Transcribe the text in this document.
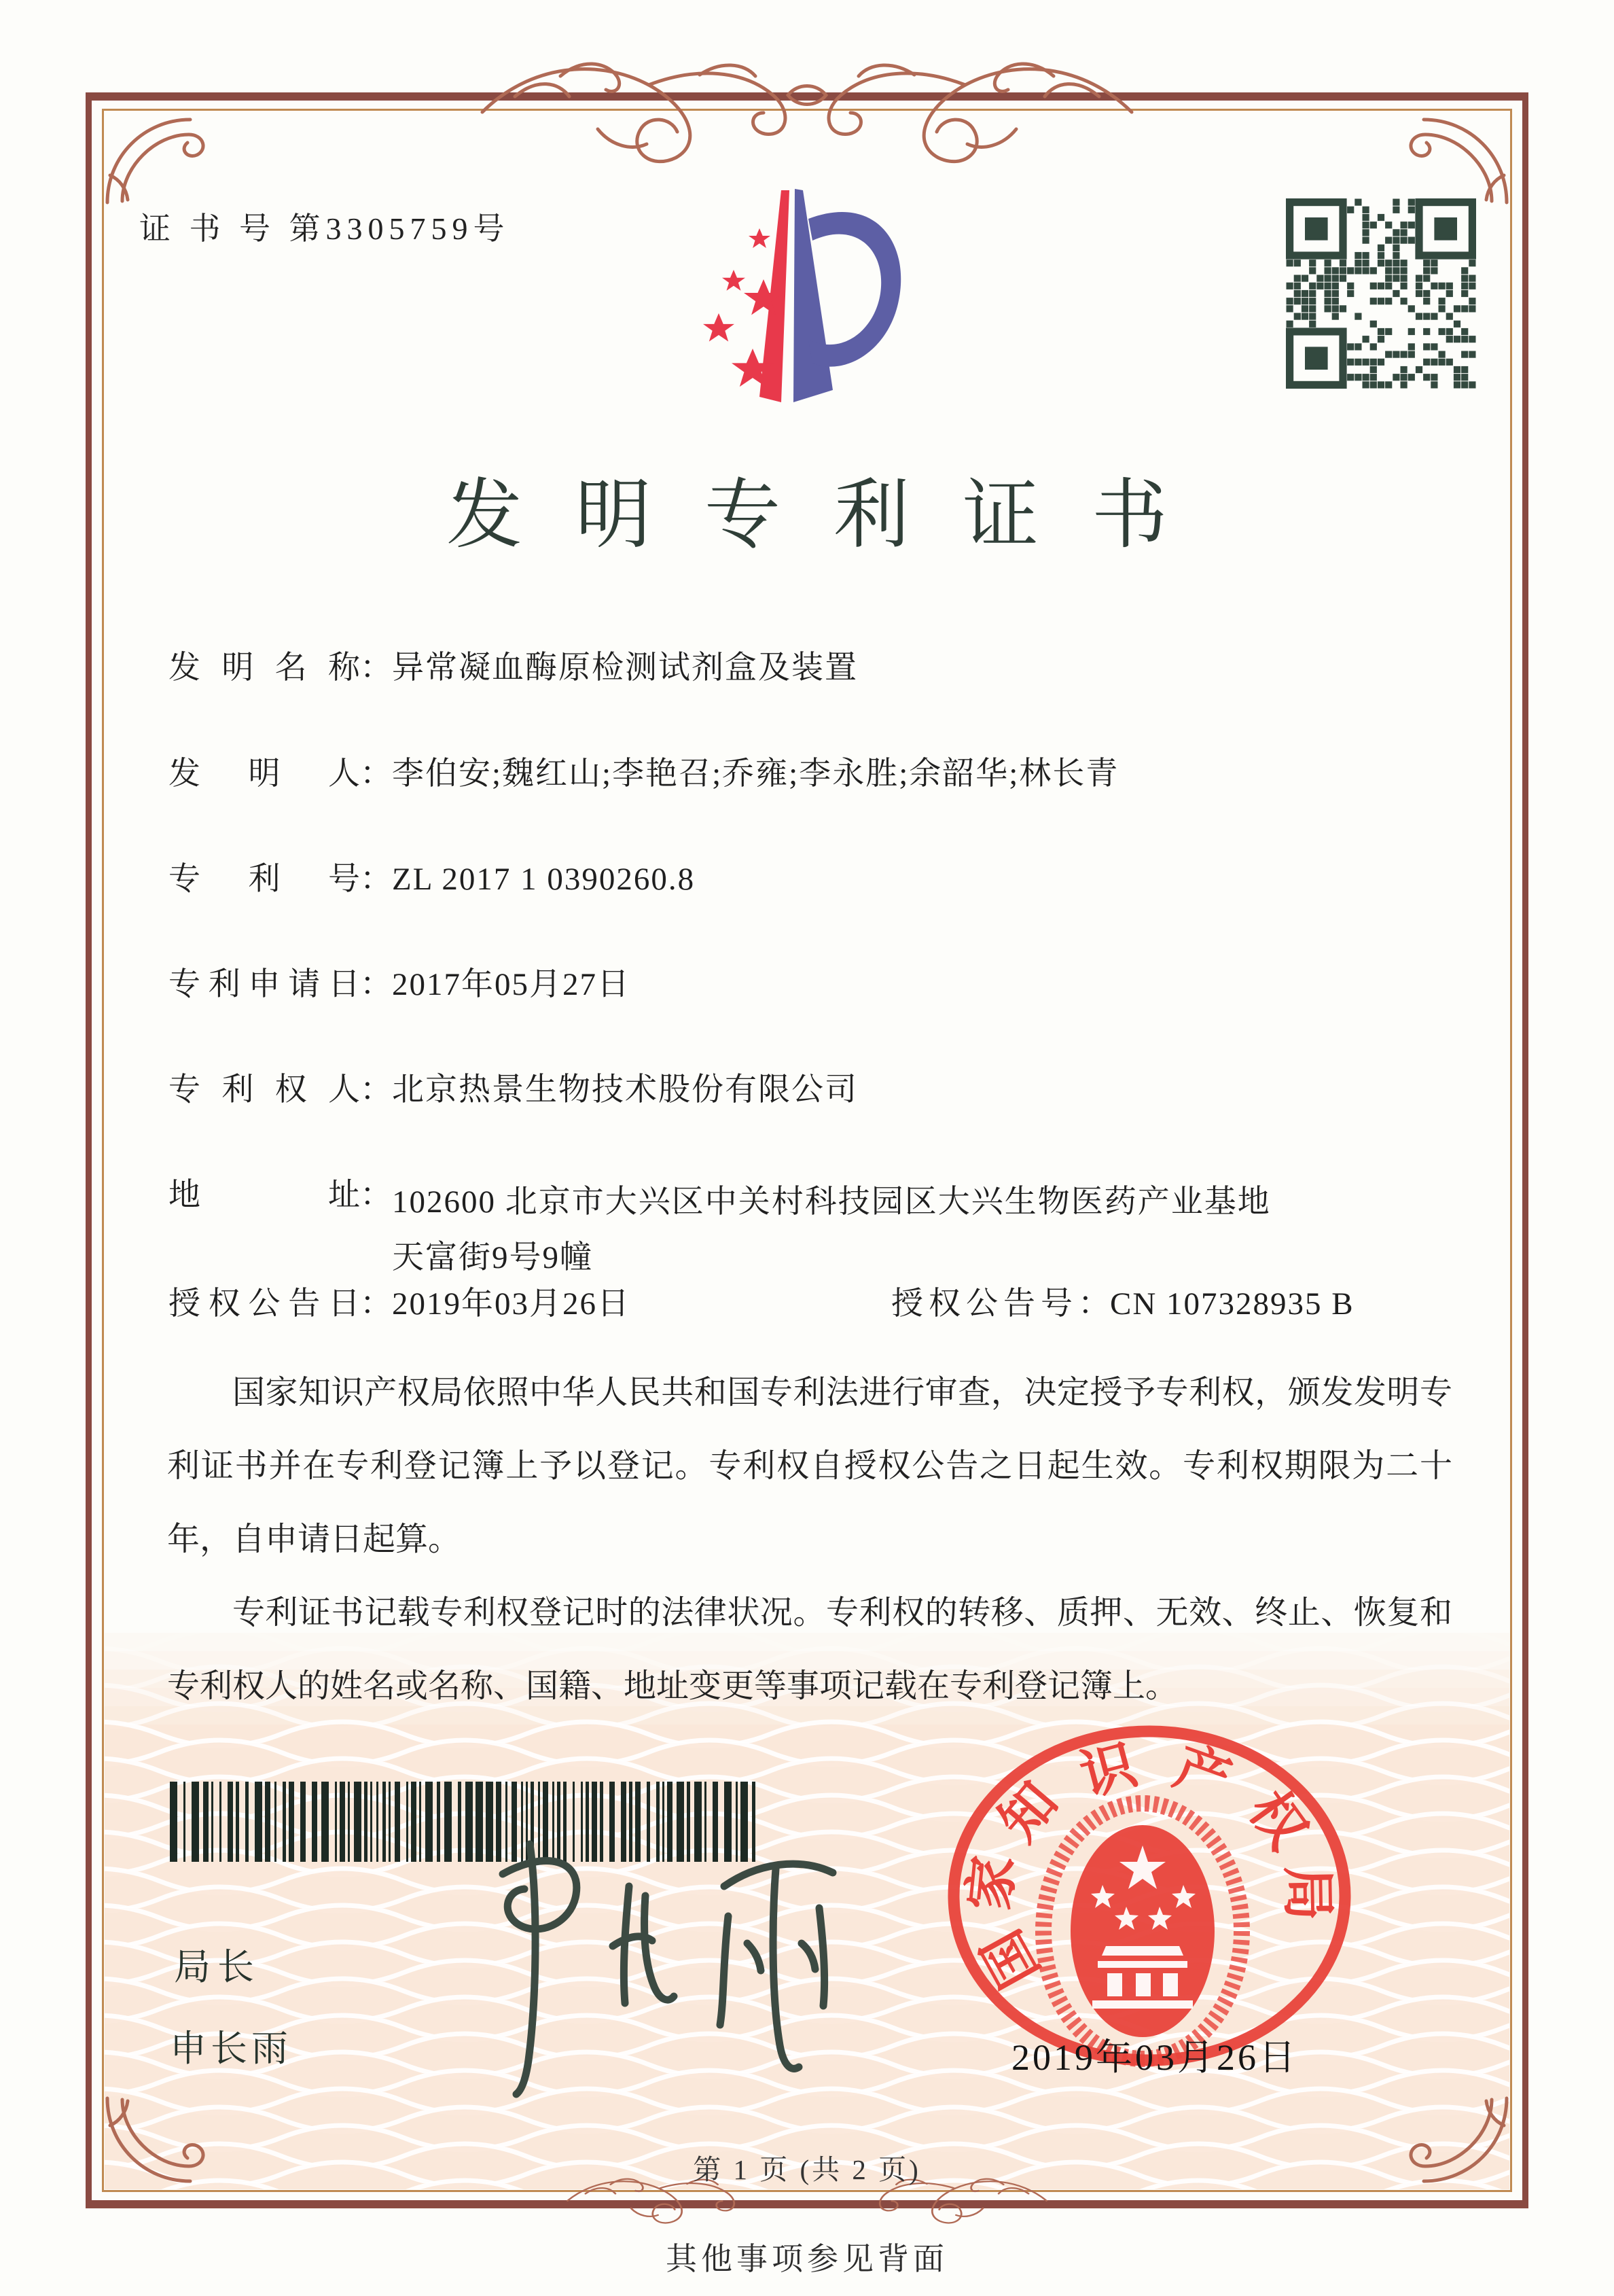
证 书 号 第3305759号
发明专利证书
发明名称：异常凝血酶原检测试剂盒及装置
发明人：李伯安;魏红山;李艳召;乔雍;李永胜;余韶华;林长青
专利号：ZL 2017 1 0390260.8
专利申请日：2017年05月27日
专利权人：北京热景生物技术股份有限公司
地址：102600 北京市大兴区中关村科技园区大兴生物医药产业基地天富街9号9幢
授权公告日：2019年03月26日	授权公告号：CN 107328935 B

国家知识产权局依照中华人民共和国专利法进行审查，决定授予专利权，颁发发明专利证书并在专利登记簿上予以登记。专利权自授权公告之日起生效。专利权期限为二十年，自申请日起算。

专利证书记载专利权登记时的法律状况。专利权的转移、质押、无效、终止、恢复和专利权人的姓名或名称、国籍、地址变更等事项记载在专利登记簿上。

局长
申长雨
国
家
知
识 产
权
局
2019年03月26日
第 1 页 (共 2 页)
其他事项参见背面
